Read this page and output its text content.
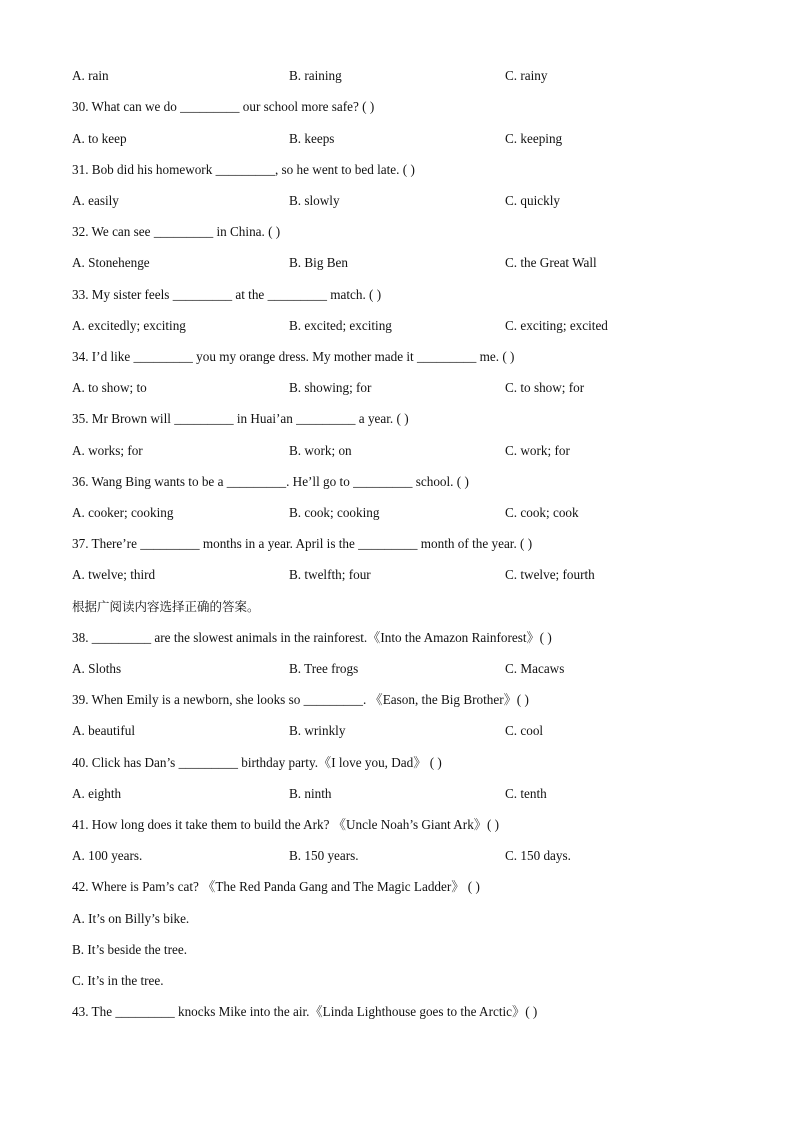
A. rain	B. raining	C. rainy
30. What can we do _________ our school more safe? ( )
A. to keep	B. keeps	C. keeping
31. Bob did his homework _________, so he went to bed late. ( )
A. easily	B. slowly	C. quickly
32. We can see _________ in China. ( )
A. Stonehenge	B. Big Ben	C. the Great Wall
33. My sister feels _________ at the _________ match. ( )
A. excitedly; exciting	B. excited; exciting	C. exciting; excited
34. I’d like _________ you my orange dress. My mother made it _________ me. ( )
A. to show; to	B. showing; for	C. to show; for
35. Mr Brown will _________ in Huai’an _________ a year. ( )
A. works; for	B. work; on	C. work; for
36. Wang Bing wants to be a _________. He’ll go to _________ school. ( )
A. cooker; cooking	B. cook; cooking	C. cook; cook
37. There’re _________ months in a year. April is the _________ month of the year. ( )
A. twelve; third	B. twelfth; four	C. twelve; fourth
根据广阅读内容选择正确的答案。
38. _________ are the slowest animals in the rainforest.《Into the Amazon Rainforest》( )
A. Sloths	B. Tree frogs	C. Macaws
39. When Emily is a newborn, she looks so _________. 《Eason, the Big Brother》( )
A. beautiful	B. wrinkly	C. cool
40. Click has Dan’s _________ birthday party.《I love you, Dad》 ( )
A. eighth	B. ninth	C. tenth
41. How long does it take them to build the Ark? 《Uncle Noah’s Giant Ark》( )
A. 100 years.	B. 150 years.	C. 150 days.
42. Where is Pam’s cat? 《The Red Panda Gang and The Magic Ladder》 ( )
A. It’s on Billy’s bike.
B. It’s beside the tree.
C. It’s in the tree.
43. The _________ knocks Mike into the air.《Linda Lighthouse goes to the Arctic》( )
